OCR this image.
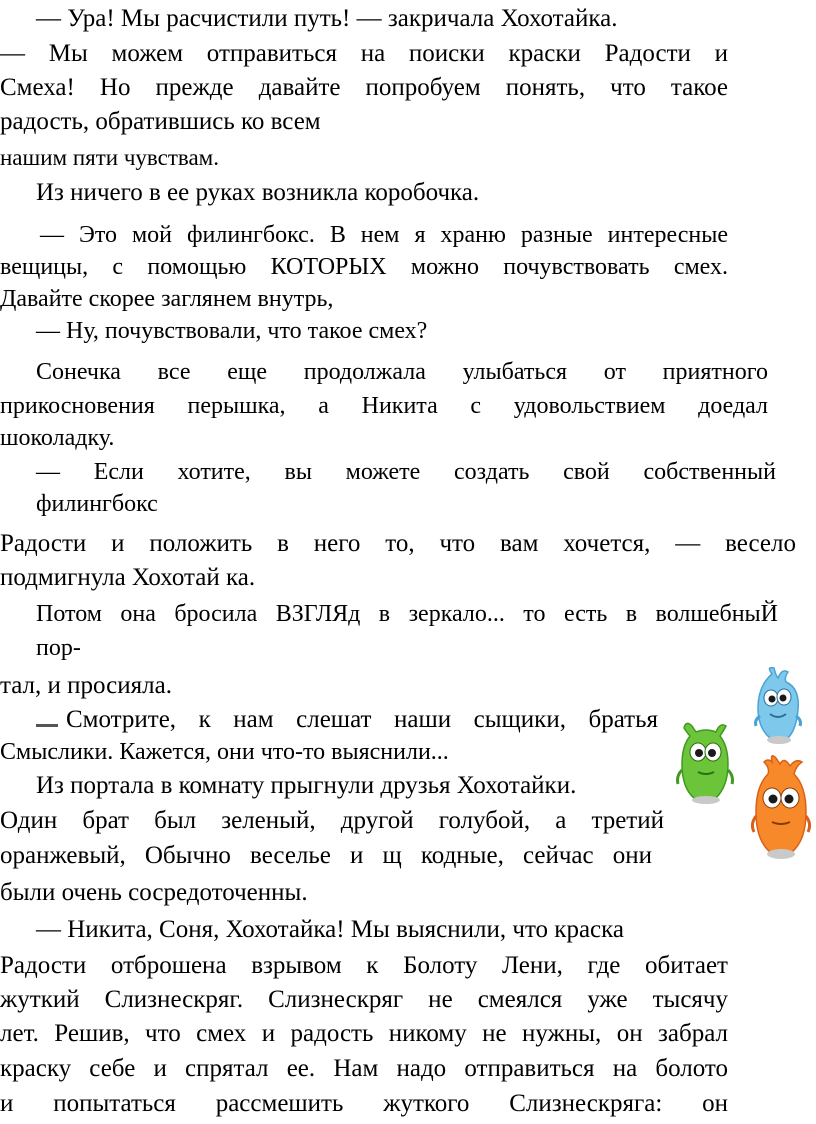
— Ура! Мы расчистили путь! — закричала Хохотайка.
— Мы можем отправиться на поиски краски Радости и
Смеха! Но прежде давайте попробуем понять, что такое
радость, обратившись ко всем
нашим пяти чувствам.
Из ничего в ее руках возникла коробочка.
— Это мой филингбокс. В нем я храню разные интересные
вещицы, с помощью КОТОРЫХ можно почувствовать смех.
Давайте скорее заглянем внутрь,
— Ну, почувствовали, что такое смех?
Сонечка все еще продолжала улыбаться от приятного
прикосновения перышка, а Никита с удовольствием доедал
шоколадку.
— Если хотите, вы можете создать свой собственный
филингбокс
Радости и положить в него то, что вам хочется, — весело
подмигнула Хохотай ка.
Потом она бросила ВЗГЛЯд в зеркало... то есть в волшебныЙ
пор-
тал, и просияла.
Смотрите, к нам слешат наши сыщики, братья
Смыслики. Кажется, они что-то выяснили...
Из портала в комнату прыгнули друзья Хохотайки.
Один брат был зеленый, другой голубой, а третий
оранжевый, Обычно веселье и щ кодные, сейчас они
были очень сосредоточенны.
— Никита, Соня, Хохотайка! Мы выяснили, что краска
Радости отброшена взрывом к Болоту Лени, где обитает
жуткий Слизнескряг. Слизнескряг не смеялся уже тысячу
лет. Решив, что смех и радость никому не нужны, он забрал
краску себе и спрятал ее. Нам надо отправиться на болото
и попытаться рассмешить жуткого Слизнескряга: он
